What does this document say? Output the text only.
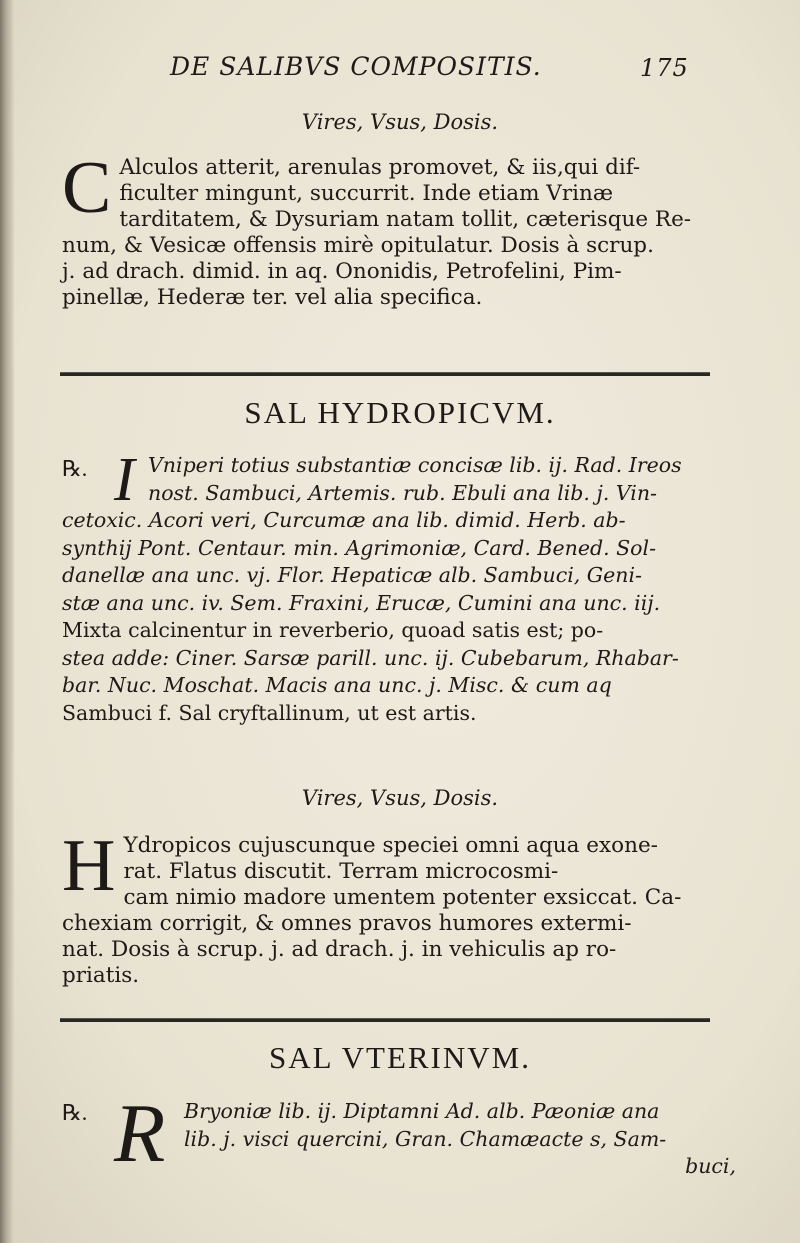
DE SALIBVS COMPOSITIS.	175
Vires, Vsus, Dosis.
C Alculos atterit, arenulas promovet, & iis,qui dif-
ficulter mingunt, succurrit. Inde etiam Vrinæ
tarditatem, & Dysuriam natam tollit, cæterisque Re-
num, & Vesicæ offensis mirè opitulatur. Dosis à scrup.
j. ad drach. dimid. in aq. Ononidis, Petrofelini, Pim-
pinellæ, Hederæ ter. vel alia specifica.
SAL HYDROPICVM.
℞. I Vniperi totius substantiæ concisæ lib. ij. Rad. Ireos
nost. Sambuci, Artemis. rub. Ebuli ana lib. j. Vin-
cetoxic. Acori veri, Curcumæ ana lib. dimid. Herb. ab-
synthij Pont. Centaur. min. Agrimoniæ, Card. Bened. Sol-
danellæ ana unc. vj. Flor. Hepaticæ alb. Sambuci, Geni-
stæ ana unc. iv. Sem. Fraxini, Erucæ, Cumini ana unc. iij.
Mixta calcinentur in reverberio, quoad satis est; po-
stea adde: Ciner. Sarsæ parill. unc. ij. Cubebarum, Rhabar-
bar. Nuc. Moschat. Macis ana unc. j. Misc. & cum aq
Sambuci f. Sal cryftallinum, ut est artis.
Vires, Vsus, Dosis.
H Ydropicos cujuscunque speciei omni aqua exone-
rat. Flatus discutit. Terram microcosmi-
cam nimio madore umentem potenter exsiccat. Ca-
chexiam corrigit, & omnes pravos humores extermi-
nat. Dosis à scrup. j. ad drach. j. in vehiculis ap ro-
priatis.
SAL VTERINVM.
℞. R Bryoniæ lib. ij. Diptamni Ad. alb. Pæoniæ ana
lib. j. visci quercini, Gran. Chamæacte s, Sam-
buci,
